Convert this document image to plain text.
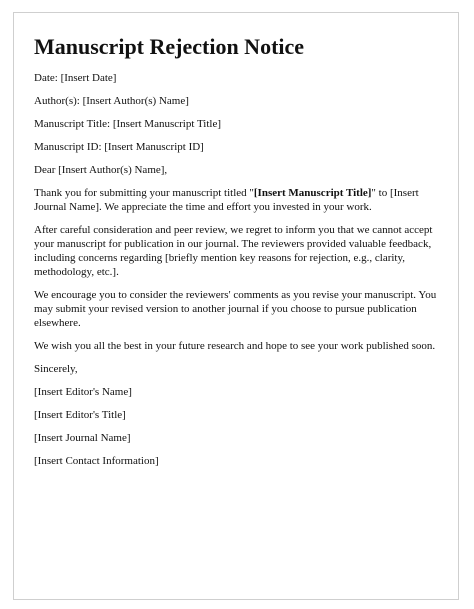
Manuscript Rejection Notice

Date: [Insert Date]

Author(s): [Insert Author(s) Name]

Manuscript Title: [Insert Manuscript Title]

Manuscript ID: [Insert Manuscript ID]

Dear [Insert Author(s) Name],

Thank you for submitting your manuscript titled "[Insert Manuscript Title]" to [Insert Journal Name]. We appreciate the time and effort you invested in your work.

After careful consideration and peer review, we regret to inform you that we cannot accept your manuscript for publication in our journal. The reviewers provided valuable feedback, including concerns regarding [briefly mention key reasons for rejection, e.g., clarity, methodology, etc.].

We encourage you to consider the reviewers' comments as you revise your manuscript. You may submit your revised version to another journal if you choose to pursue publication elsewhere.

We wish you all the best in your future research and hope to see your work published soon.

Sincerely,

[Insert Editor's Name]

[Insert Editor's Title]

[Insert Journal Name]

[Insert Contact Information]
